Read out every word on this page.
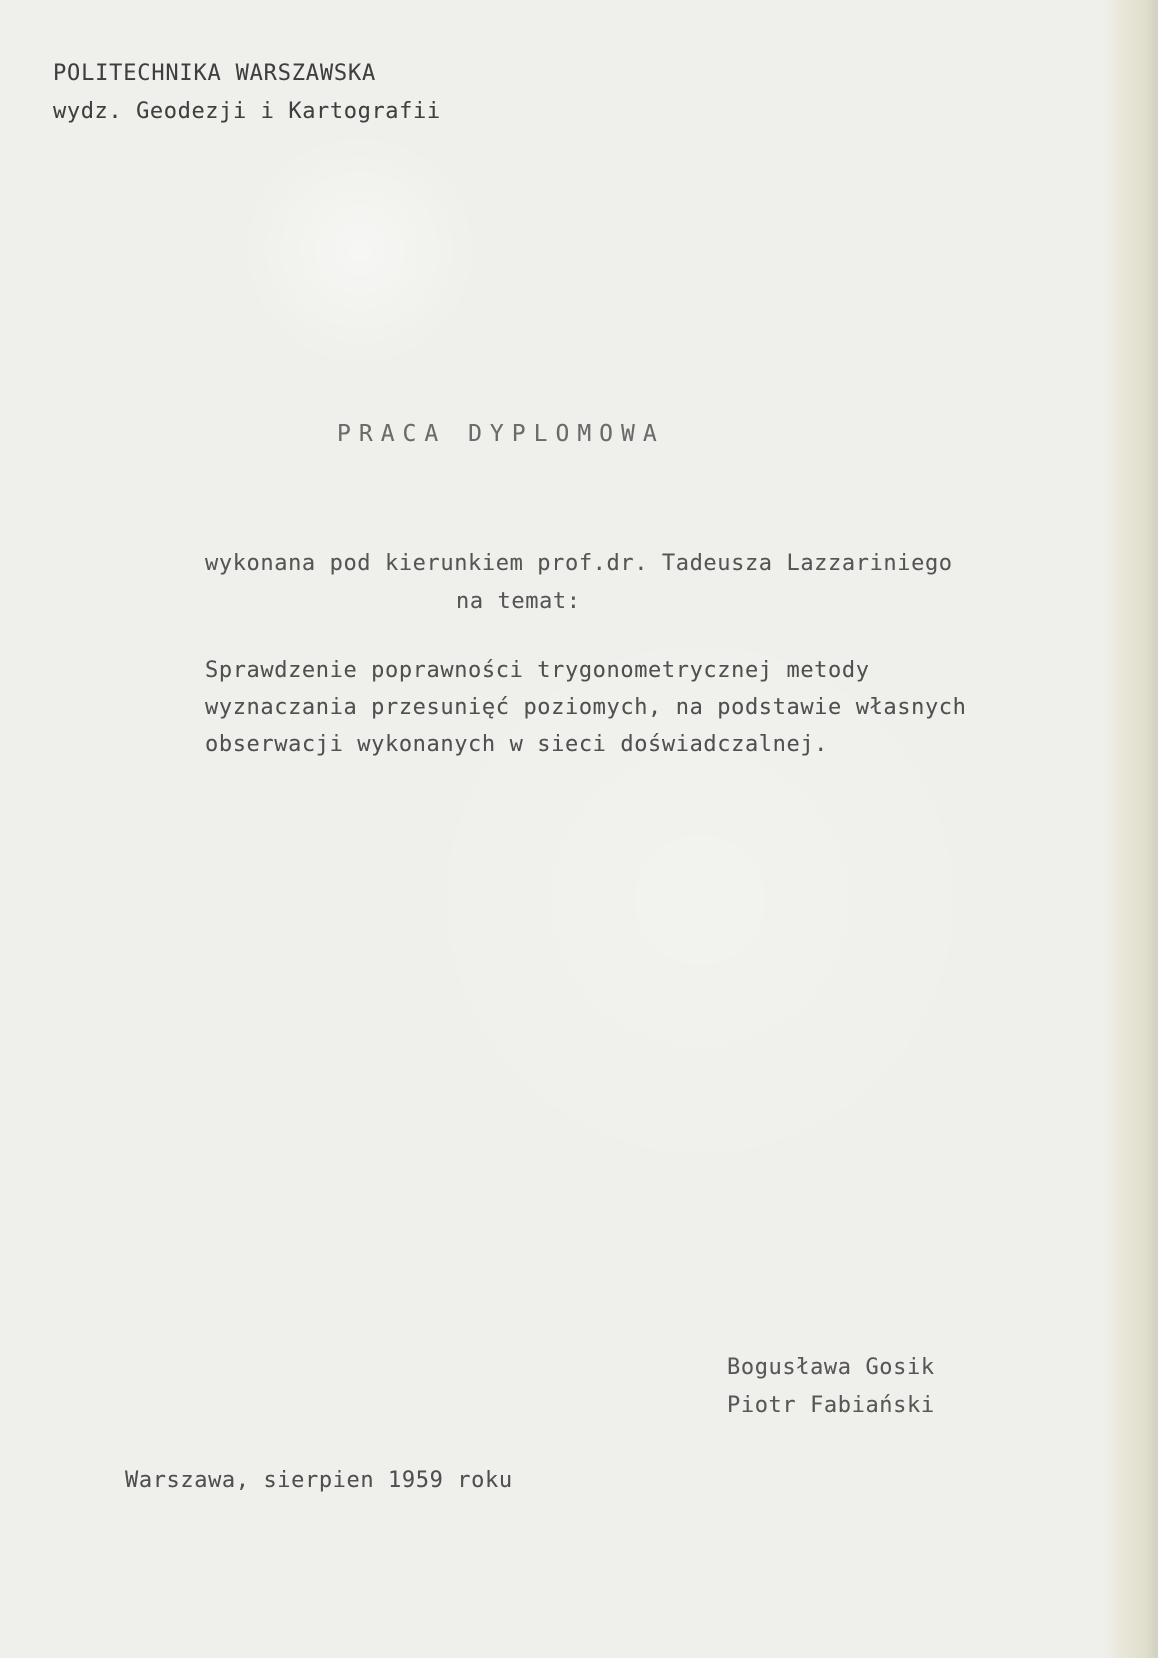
POLITECHNIKA WARSZAWSKA
wydz. Geodezji i Kartografii
PRACA DYPLOMOWA
wykonana pod kierunkiem prof.dr. Tadeusza Lazzariniego
na temat:
Sprawdzenie poprawności trygonometrycznej metody
wyznaczania przesunięć poziomych, na podstawie własnych
obserwacji wykonanych w sieci doświadczalnej.
Bogusława Gosik
Piotr Fabiański
Warszawa, sierpien 1959 roku
